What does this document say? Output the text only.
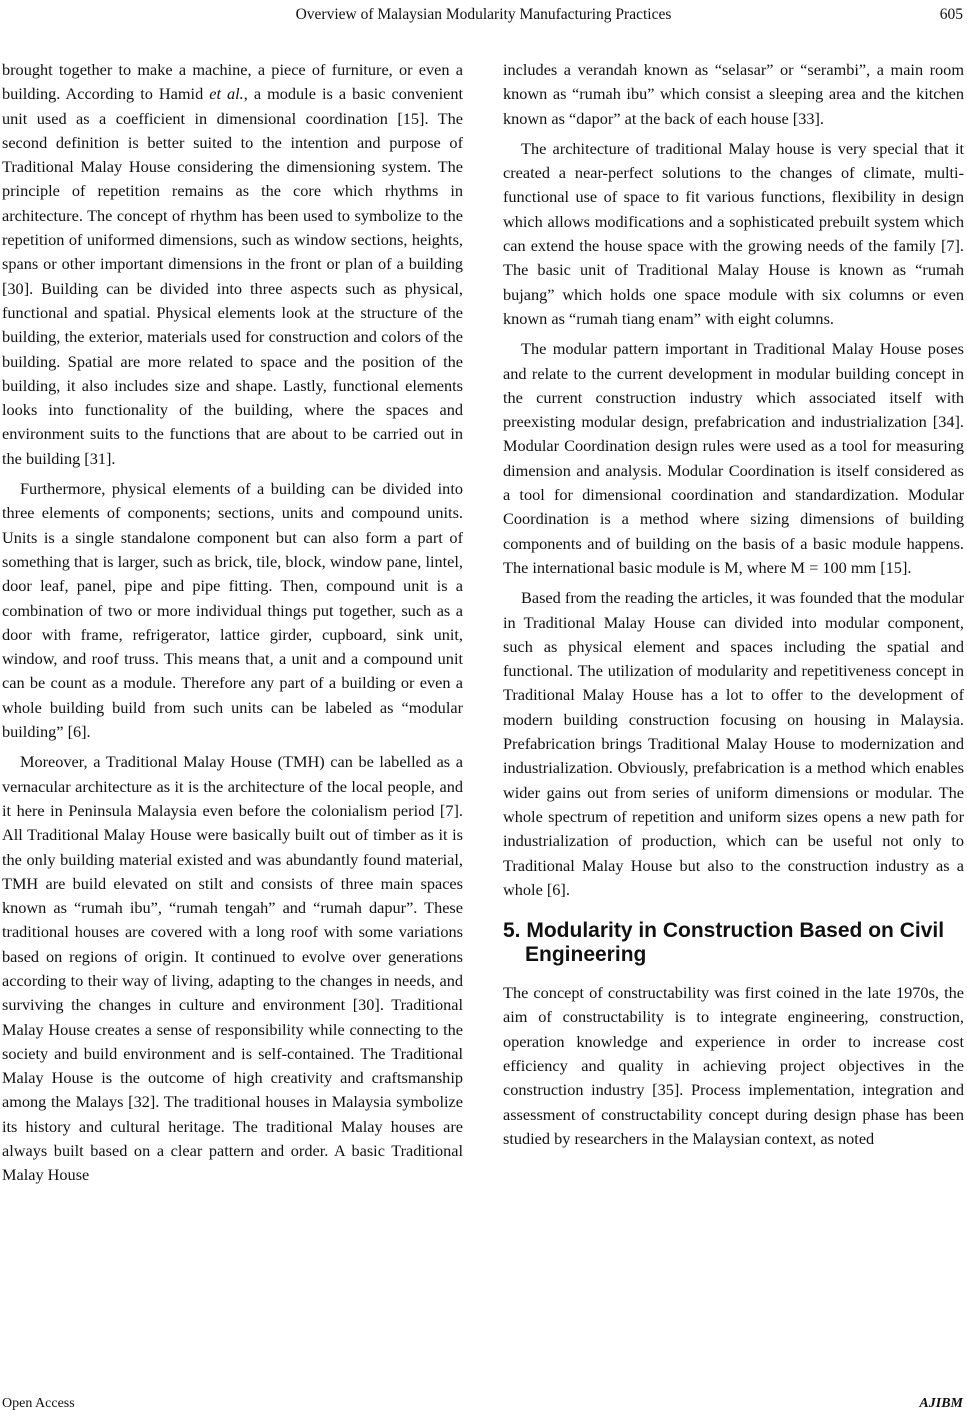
Overview of Malaysian Modularity Manufacturing Practices	605

brought together to make a machine, a piece of furniture, or even a building. According to Hamid et al., a module is a basic convenient unit used as a coefficient in dimensional coordination [15]. The second definition is better suited to the intention and purpose of Traditional Malay House considering the dimensioning system. The principle of repetition remains as the core which rhythms in architecture. The concept of rhythm has been used to symbolize to the repetition of uniformed dimensions, such as window sections, heights, spans or other important dimensions in the front or plan of a building [30]. Building can be divided into three aspects such as physical, functional and spatial. Physical elements look at the structure of the building, the exterior, materials used for construction and colors of the building. Spatial are more related to space and the position of the building, it also includes size and shape. Lastly, functional elements looks into functionality of the building, where the spaces and environment suits to the functions that are about to be carried out in the building [31].

Furthermore, physical elements of a building can be divided into three elements of components; sections, units and compound units. Units is a single standalone component but can also form a part of something that is larger, such as brick, tile, block, window pane, lintel, door leaf, panel, pipe and pipe fitting. Then, compound unit is a combination of two or more individual things put together, such as a door with frame, refrigerator, lattice girder, cupboard, sink unit, window, and roof truss. This means that, a unit and a compound unit can be count as a module. Therefore any part of a building or even a whole building build from such units can be labeled as “modular building” [6].

Moreover, a Traditional Malay House (TMH) can be labelled as a vernacular architecture as it is the architecture of the local people, and it here in Peninsula Malaysia even before the colonialism period [7]. All Traditional Malay House were basically built out of timber as it is the only building material existed and was abundantly found material, TMH are build elevated on stilt and consists of three main spaces known as “rumah ibu”, “rumah tengah” and “rumah dapur”. These traditional houses are covered with a long roof with some variations based on regions of origin. It continued to evolve over generations according to their way of living, adapting to the changes in needs, and surviving the changes in culture and environment [30]. Traditional Malay House creates a sense of responsibility while connecting to the society and build environment and is self-contained. The Traditional Malay House is the outcome of high creativity and craftsmanship among the Malays [32]. The traditional houses in Malaysia symbolize its history and cultural heritage. The traditional Malay houses are always built based on a clear pattern and order. A basic Traditional Malay House

includes a verandah known as “selasar” or “serambi”, a main room known as “rumah ibu” which consist a sleeping area and the kitchen known as “dapor” at the back of each house [33].

The architecture of traditional Malay house is very special that it created a near-perfect solutions to the changes of climate, multi-functional use of space to fit various functions, flexibility in design which allows modifications and a sophisticated prebuilt system which can extend the house space with the growing needs of the family [7]. The basic unit of Traditional Malay House is known as “rumah bujang” which holds one space module with six columns or even known as “rumah tiang enam” with eight columns.

The modular pattern important in Traditional Malay House poses and relate to the current development in modular building concept in the current construction industry which associated itself with preexisting modular design, prefabrication and industrialization [34]. Modular Coordination design rules were used as a tool for measuring dimension and analysis. Modular Coordination is itself considered as a tool for dimensional coordination and standardization. Modular Coordination is a method where sizing dimensions of building components and of building on the basis of a basic module happens. The international basic module is M, where M = 100 mm [15].

Based from the reading the articles, it was founded that the modular in Traditional Malay House can divided into modular component, such as physical element and spaces including the spatial and functional. The utilization of modularity and repetitiveness concept in Traditional Malay House has a lot to offer to the development of modern building construction focusing on housing in Malaysia. Prefabrication brings Traditional Malay House to modernization and industrialization. Obviously, prefabrication is a method which enables wider gains out from series of uniform dimensions or modular. The whole spectrum of repetition and uniform sizes opens a new path for industrialization of production, which can be useful not only to Traditional Malay House but also to the construction industry as a whole [6].

5. Modularity in Construction Based on Civil Engineering

The concept of constructability was first coined in the late 1970s, the aim of constructability is to integrate engineering, construction, operation knowledge and experience in order to increase cost efficiency and quality in achieving project objectives in the construction industry [35]. Process implementation, integration and assessment of constructability concept during design phase has been studied by researchers in the Malaysian context, as noted

Open Access	AJIBM
